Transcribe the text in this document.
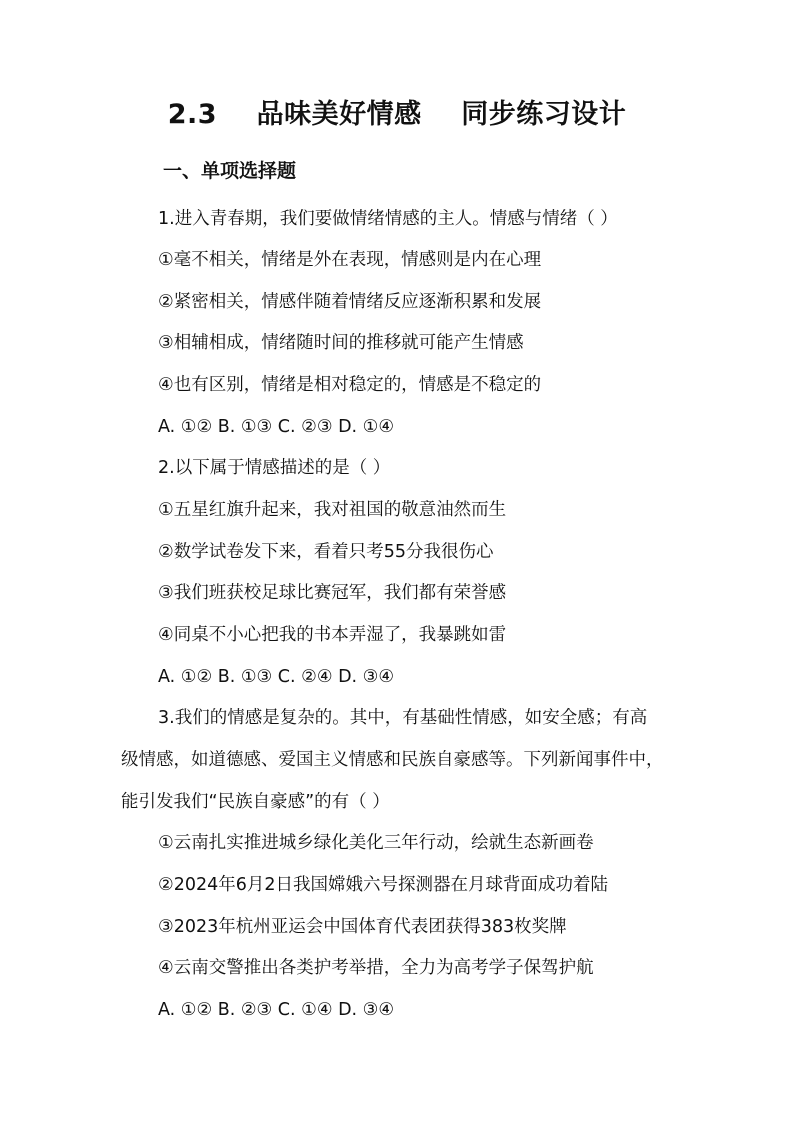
2.3    品味美好情感    同步练习设计
一、单项选择题
1.进入青春期，我们要做情绪情感的主人。情感与情绪（ ）
①毫不相关，情绪是外在表现，情感则是内在心理
②紧密相关，情感伴随着情绪反应逐渐积累和发展
③相辅相成，情绪随时间的推移就可能产生情感
④也有区别，情绪是相对稳定的，情感是不稳定的
A. ①② B. ①③ C. ②③ D. ①④
2.以下属于情感描述的是（ ）
①五星红旗升起来，我对祖国的敬意油然而生
②数学试卷发下来，看着只考55分我很伤心
③我们班获校足球比赛冠军，我们都有荣誉感
④同桌不小心把我的书本弄湿了，我暴跳如雷
A. ①② B. ①③ C. ②④ D. ③④
3.我们的情感是复杂的。其中，有基础性情感，如安全感；有高
级情感，如道德感、爱国主义情感和民族自豪感等。下列新闻事件中，
能引发我们“民族自豪感”的有（ ）
①云南扎实推进城乡绿化美化三年行动，绘就生态新画卷
②2024年6月2日我国嫦娥六号探测器在月球背面成功着陆
③2023年杭州亚运会中国体育代表团获得383枚奖牌
④云南交警推出各类护考举措，全力为高考学子保驾护航
A. ①② B. ②③ C. ①④ D. ③④
